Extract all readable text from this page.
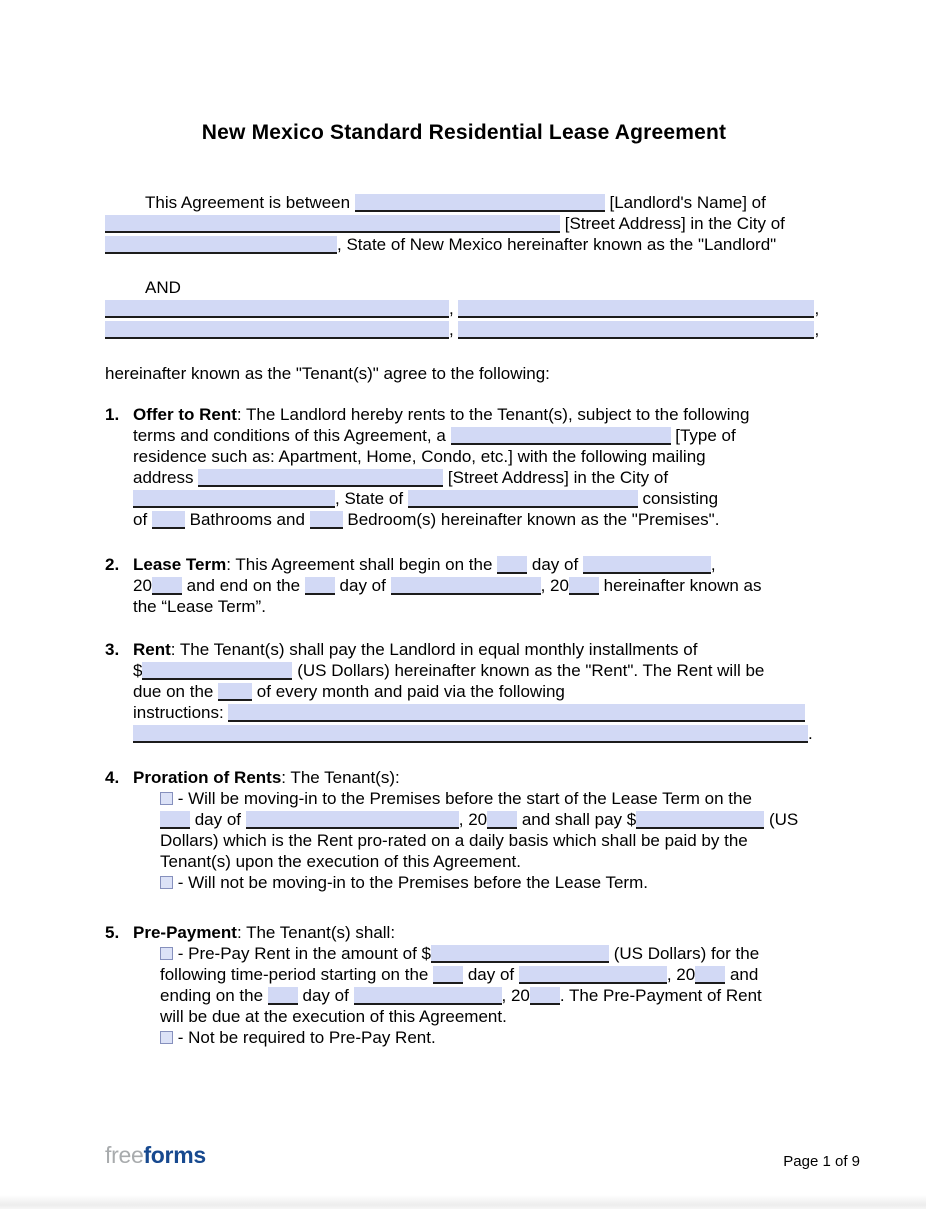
New Mexico Standard Residential Lease Agreement
This Agreement is between	[Landlord's Name] of
[Street Address] in the City of
, State of New Mexico hereinafter known as the "Landlord"
AND
,	,
,	,
hereinafter known as the "Tenant(s)" agree to the following:
1. Offer to Rent: The Landlord hereby rents to the Tenant(s), subject to the following
terms and conditions of this Agreement, a	[Type of
residence such as: Apartment, Home, Condo, etc.] with the following mailing
address	[Street Address] in the City of
, State of	consisting
of  Bathrooms and  Bedroom(s) hereinafter known as the "Premises".
2. Lease Term: This Agreement shall begin on the  day of	,
20 and end on the  day of	, 20 hereinafter known as
the “Lease Term”.
3. Rent: The Tenant(s) shall pay the Landlord in equal monthly installments of
$	(US Dollars) hereinafter known as the "Rent". The Rent will be
due on the  of every month and paid via the following
instructions:
.
4. Proration of Rents: The Tenant(s):
- Will be moving-in to the Premises before the start of the Lease Term on the
day of	, 20 and shall pay $	(US
Dollars) which is the Rent pro-rated on a daily basis which shall be paid by the
Tenant(s) upon the execution of this Agreement.
- Will not be moving-in to the Premises before the Lease Term.
5. Pre-Payment: The Tenant(s) shall:
- Pre-Pay Rent in the amount of $	(US Dollars) for the
following time-period starting on the  day of	, 20 and
ending on the  day of	, 20 . The Pre-Payment of Rent
will be due at the execution of this Agreement.
- Not be required to Pre-Pay Rent.
freeforms	Page 1 of 9
